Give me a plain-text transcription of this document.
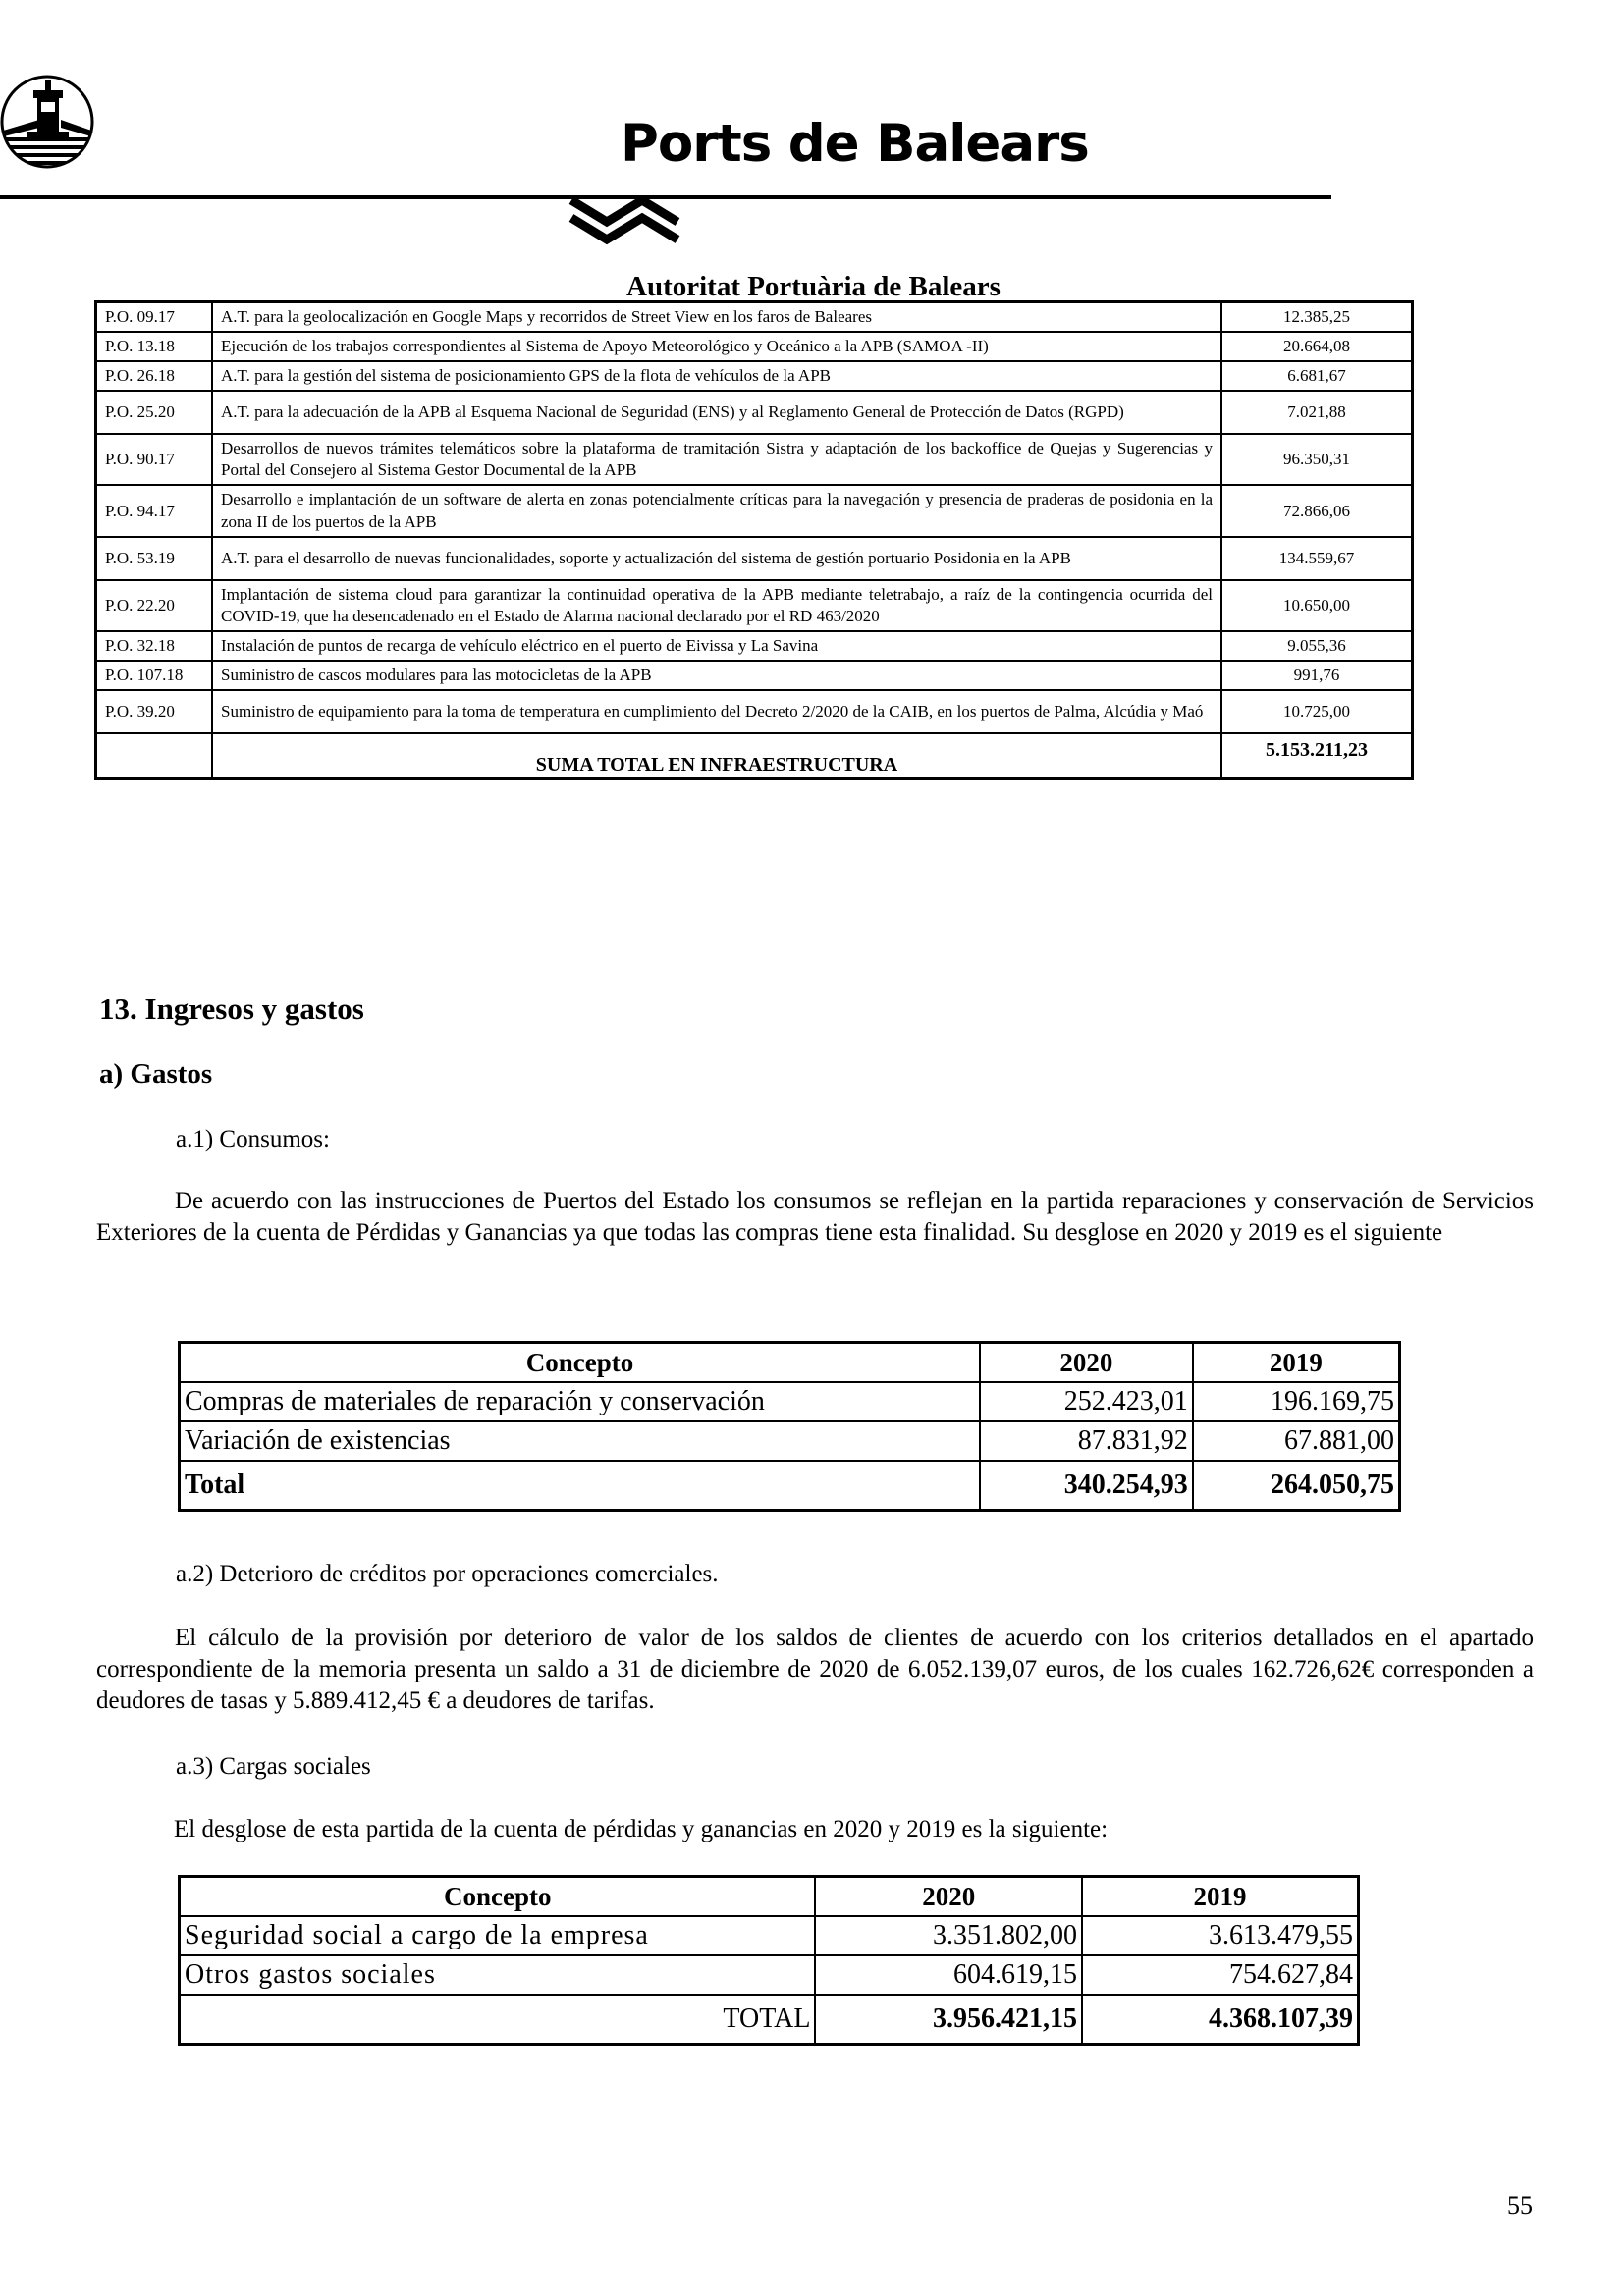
Ports de Balears
Autoritat Portuària de Balears
P.O. 09.17	A.T. para la geolocalización en Google Maps y recorridos de Street View en los faros de Baleares	12.385,25
P.O. 13.18	Ejecución de los trabajos correspondientes al Sistema de Apoyo Meteorológico y Oceánico a la APB (SAMOA -II)	20.664,08
P.O. 26.18	A.T. para la gestión del sistema de posicionamiento GPS de la flota de vehículos de la APB	6.681,67
P.O. 25.20	A.T. para la adecuación de la APB al Esquema Nacional de Seguridad (ENS) y al Reglamento General de Protección de Datos (RGPD)	7.021,88
P.O. 90.17	Desarrollos de nuevos trámites telemáticos sobre la plataforma de tramitación Sistra y adaptación de los backoffice de Quejas y Sugerencias y Portal del Consejero al Sistema Gestor Documental de la APB	96.350,31
P.O. 94.17	Desarrollo e implantación de un software de alerta en zonas potencialmente críticas para la navegación y presencia de praderas de posidonia en la zona II de los puertos de la APB	72.866,06
P.O. 53.19	A.T. para el desarrollo de nuevas funcionalidades, soporte y actualización del sistema de gestión portuario Posidonia en la APB	134.559,67
P.O. 22.20	Implantación de sistema cloud para garantizar la continuidad operativa de la APB mediante teletrabajo, a raíz de la contingencia ocurrida del COVID-19, que ha desencadenado en el Estado de Alarma nacional declarado por el RD 463/2020	10.650,00
P.O. 32.18	Instalación de puntos de recarga de vehículo eléctrico en el puerto de Eivissa y La Savina	9.055,36
P.O. 107.18	Suministro de cascos modulares para las motocicletas de la APB	991,76
P.O. 39.20	Suministro de equipamiento para la toma de temperatura en cumplimiento del Decreto 2/2020 de la CAIB, en los puertos de Palma, Alcúdia y Maó	10.725,00
	SUMA TOTAL EN INFRAESTRUCTURA	5.153.211,23
13. Ingresos y gastos
a) Gastos
a.1) Consumos:
De acuerdo con las instrucciones de Puertos del Estado los consumos se reflejan en la partida reparaciones y conservación de Servicios Exteriores de la cuenta de Pérdidas y Ganancias ya que todas las compras tiene esta finalidad. Su desglose en 2020 y 2019 es el siguiente
Concepto	2020	2019
Compras de materiales de reparación y conservación	252.423,01	196.169,75
Variación de existencias	87.831,92	67.881,00
Total	340.254,93	264.050,75
a.2) Deterioro de créditos por operaciones comerciales.
El cálculo de la provisión por deterioro de valor de los saldos de clientes de acuerdo con los criterios detallados en el apartado correspondiente de la memoria presenta un saldo a 31 de diciembre de 2020 de 6.052.139,07 euros, de los cuales 162.726,62€ corresponden a deudores de tasas y 5.889.412,45 € a deudores de tarifas.
a.3) Cargas sociales
El desglose de esta partida de la cuenta de pérdidas y ganancias en 2020 y 2019 es la siguiente:
Concepto	2020	2019
Seguridad social a cargo de la empresa	3.351.802,00	3.613.479,55
Otros gastos sociales	604.619,15	754.627,84
TOTAL	3.956.421,15	4.368.107,39
55
